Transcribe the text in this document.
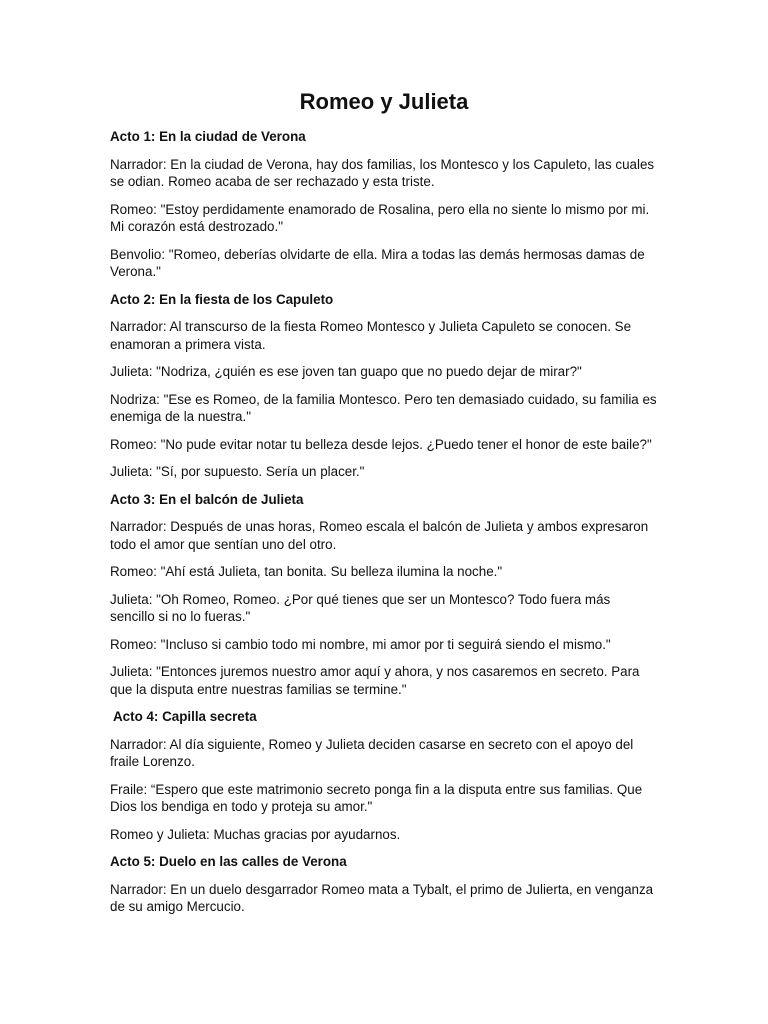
Romeo y Julieta

Acto 1: En la ciudad de Verona

Narrador: En la ciudad de Verona, hay dos familias, los Montesco y los Capuleto, las cuales se odian. Romeo acaba de ser rechazado y esta triste.

Romeo: "Estoy perdidamente enamorado de Rosalina, pero ella no siente lo mismo por mi. Mi corazón está destrozado."

Benvolio: "Romeo, deberías olvidarte de ella. Mira a todas las demás hermosas damas de Verona."

Acto 2: En la fiesta de los Capuleto

Narrador: Al transcurso de la fiesta Romeo Montesco y Julieta Capuleto se conocen. Se enamoran a primera vista.

Julieta: "Nodriza, ¿quién es ese joven tan guapo que no puedo dejar de mirar?"

Nodriza: "Ese es Romeo, de la familia Montesco. Pero ten demasiado cuidado, su familia es enemiga de la nuestra."

Romeo: "No pude evitar notar tu belleza desde lejos. ¿Puedo tener el honor de este baile?"

Julieta: "Sí, por supuesto. Sería un placer."

Acto 3: En el balcón de Julieta

Narrador: Después de unas horas, Romeo escala el balcón de Julieta y ambos expresaron todo el amor que sentían uno del otro.

Romeo: "Ahí está Julieta, tan bonita. Su belleza ilumina la noche."

Julieta: "Oh Romeo, Romeo. ¿Por qué tienes que ser un Montesco? Todo fuera más sencillo si no lo fueras."

Romeo: "Incluso si cambio todo mi nombre, mi amor por ti seguirá siendo el mismo."

Julieta: "Entonces juremos nuestro amor aquí y ahora, y nos casaremos en secreto. Para que la disputa entre nuestras familias se termine."

Acto 4: Capilla secreta

Narrador: Al día siguiente, Romeo y Julieta deciden casarse en secreto con el apoyo del fraile Lorenzo.

Fraile: “Espero que este matrimonio secreto ponga fin a la disputa entre sus familias. Que Dios los bendiga en todo y proteja su amor."

Romeo y Julieta: Muchas gracias por ayudarnos.

Acto 5: Duelo en las calles de Verona

Narrador: En un duelo desgarrador Romeo mata a Tybalt, el primo de Julierta, en venganza de su amigo Mercucio.
